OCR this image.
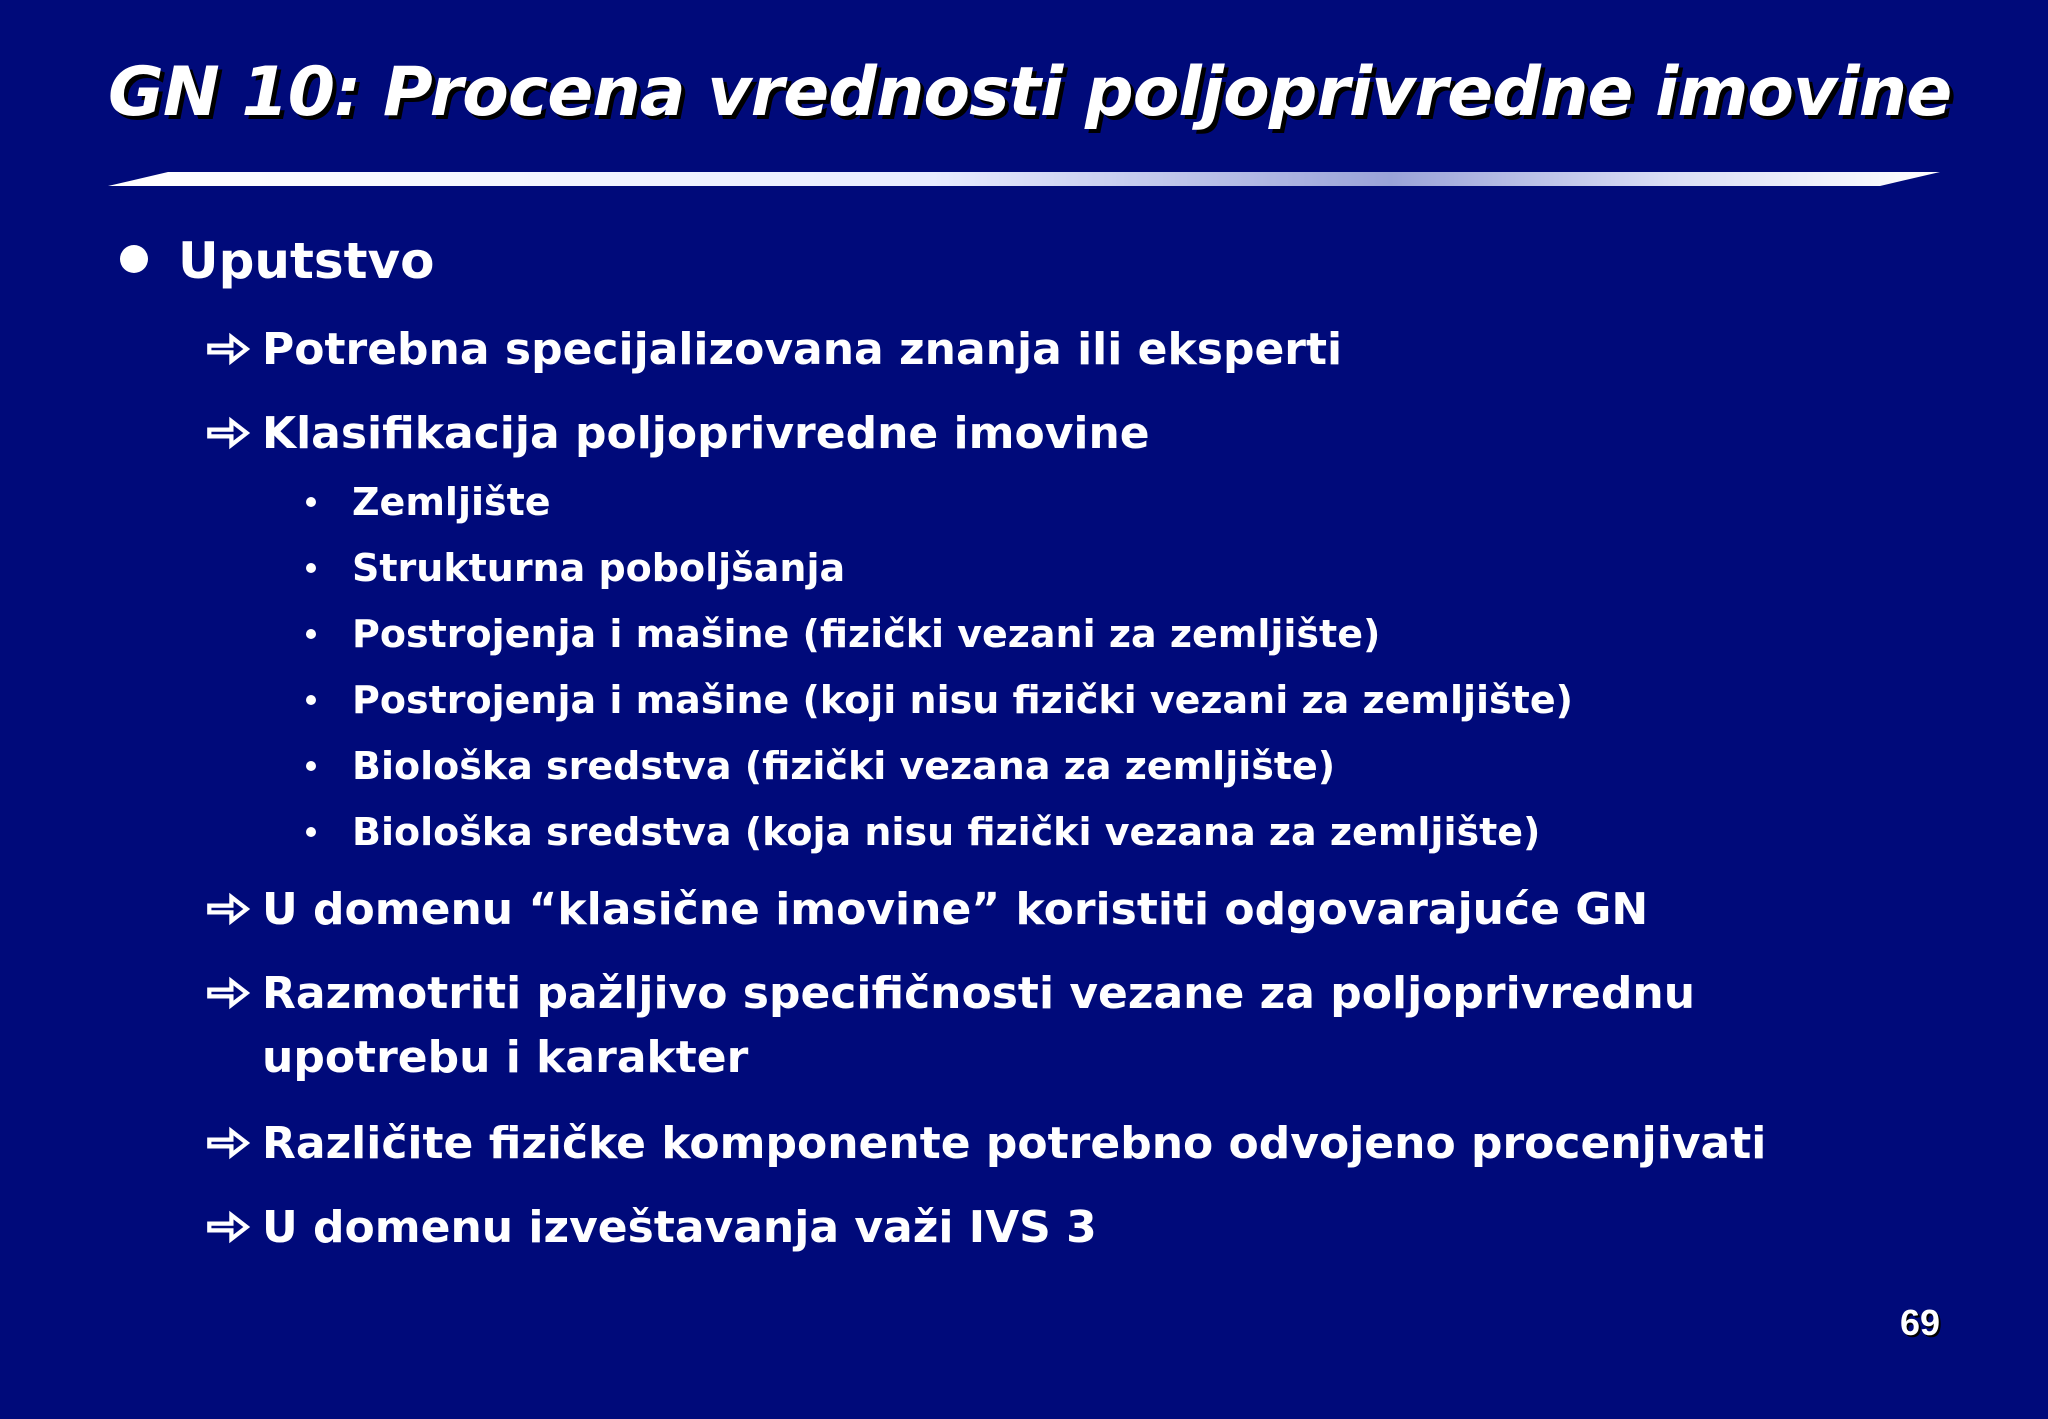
GN 10: Procena vrednosti poljoprivredne imovine
Uputstvo
Potrebna specijalizovana znanja ili eksperti
Klasifikacija poljoprivredne imovine
Zemljište
Strukturna poboljšanja
Postrojenja i mašine (fizički vezani za zemljište)
Postrojenja i mašine (koji nisu fizički vezani za zemljište)
Biološka sredstva (fizički vezana za zemljište)
Biološka sredstva (koja nisu fizički vezana za zemljište)
U domenu “klasične imovine” koristiti odgovarajuće GN
Razmotriti pažljivo specifičnosti vezane za poljoprivrednu upotrebu i karakter
Različite fizičke komponente potrebno odvojeno procenjivati
U domenu izveštavanja važi IVS 3
69
